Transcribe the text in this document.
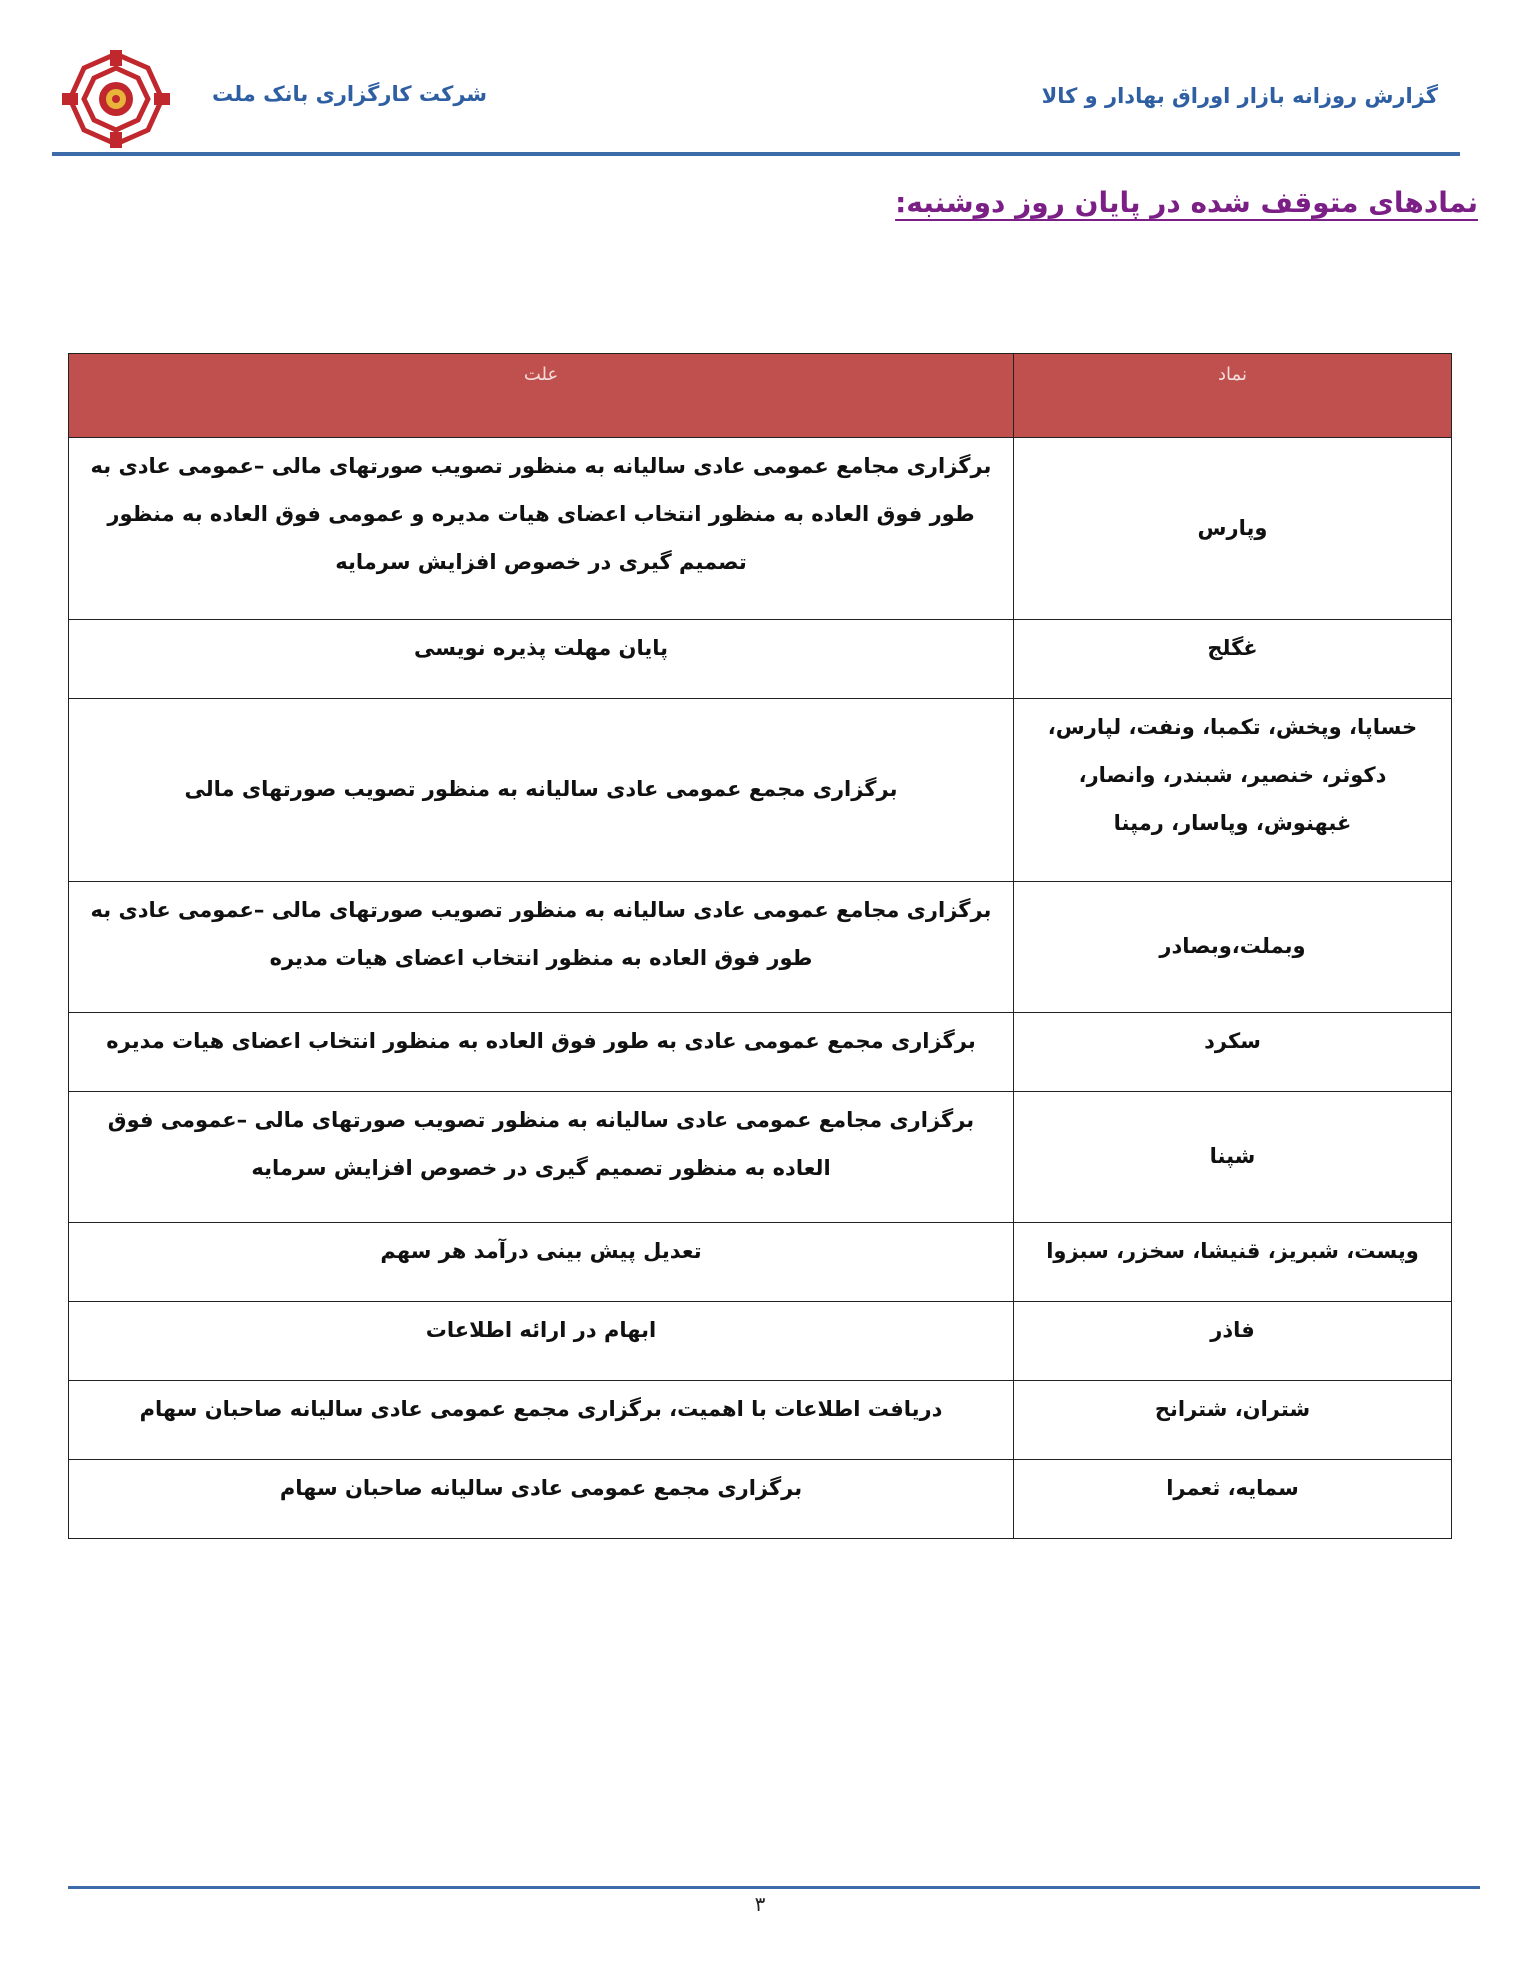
شرکت کارگزاری بانک ملت	گزارش روزانه بازار اوراق بهادار و کالا
نمادهای متوقف شده در پایان روز دوشنبه:
نماد	علت
وپارس	برگزاری مجامع عمومی عادی سالیانه به منظور تصویب صورتهای مالی –عمومی عادی به طور فوق العاده به منظور انتخاب اعضای هیات مدیره و عمومی فوق العاده به منظور تصمیم گیری در خصوص افزایش سرمایه
غگلج	پایان مهلت پذیره نویسی
خساپا، وپخش، تکمبا، ونفت، لپارس، دکوثر، خنصیر، شبندر، وانصار، غبهنوش، وپاسار، رمپنا	برگزاری مجمع عمومی عادی سالیانه به منظور تصویب صورتهای مالی
وبملت،وبصادر	برگزاری مجامع عمومی عادی سالیانه به منظور تصویب صورتهای مالی –عمومی عادی به طور فوق العاده به منظور انتخاب اعضای هیات مدیره
سکرد	برگزاری مجمع عمومی عادی به طور فوق العاده به منظور انتخاب اعضای هیات مدیره
شپنا	برگزاری مجامع عمومی عادی سالیانه به منظور تصویب صورتهای مالی –عمومی فوق العاده به منظور تصمیم گیری در خصوص افزایش سرمایه
وپست، شبریز، قنیشا، سخزر، سبزوا	تعدیل پیش بینی درآمد هر سهم
فاذر	ابهام در ارائه اطلاعات
شتران، شترانح	دریافت اطلاعات با اهمیت، برگزاری مجمع عمومی عادی سالیانه صاحبان سهام
سمایه، ثعمرا	برگزاری مجمع عمومی عادی سالیانه صاحبان سهام
۳
